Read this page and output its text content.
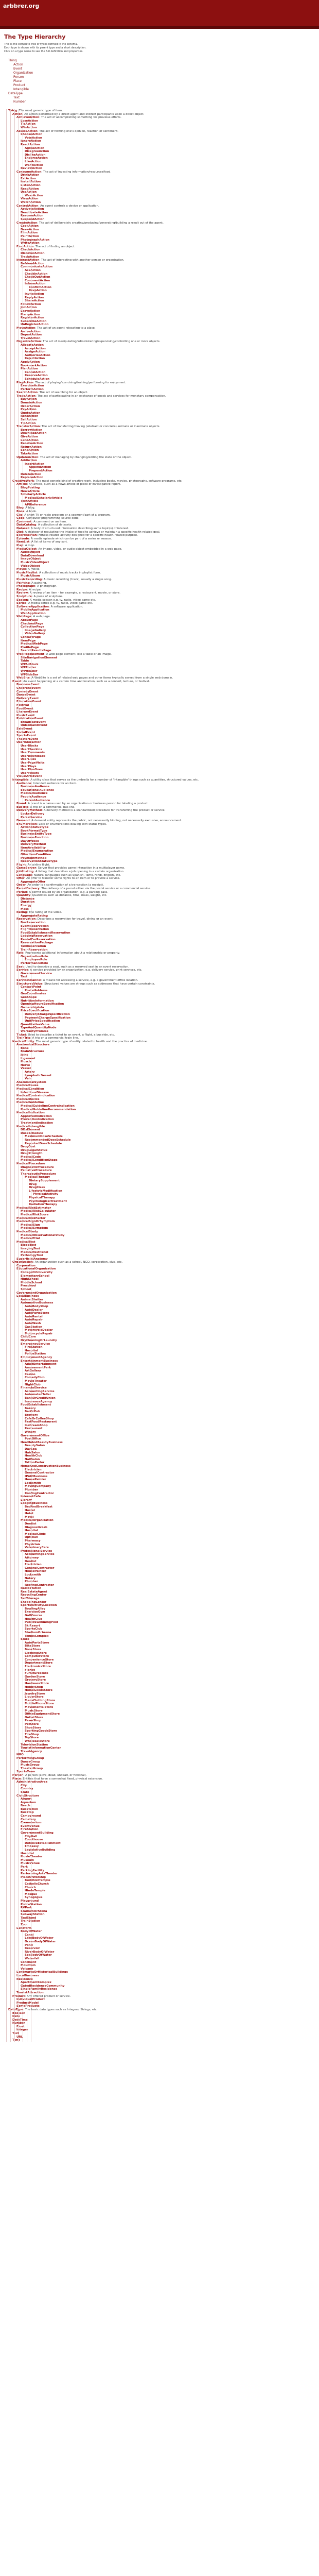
arbbrer.org
The Type Hierarchy

This is the complete tree of types defined in the schema.

Each type is shown with its parent type and a short description.

Click on a type name to see the full definition and properties.

Thing
Action
Event
Organization
Person
Place
Product
Intangible
DataType
Text
Number
Thing: The most generic type of item.
Action: An action performed by a direct agent and indirect participants upon a direct object.
AchieveAction: The act of accomplishing something via previous efforts.
LoseAction
TieAction
WinAction
AssessAction: The act of forming one's opinion, reaction or sentiment.
ChooseAction
VoteAction
IgnoreAction
ReactAction
AgreeAction
DisagreeAction
DislikeAction
EndorseAction
LikeAction
WantAction
ReviewAction
ConsumeAction: The act of ingesting information/resources/food.
DrinkAction
EatAction
InstallAction
ListenAction
ReadAction
UseAction
WearAction
ViewAction
WatchAction
ControlAction: An agent controls a device or application.
ActivateAction
DeactivateAction
ResumeAction
SuspendAction
CreateAction: The act of deliberately creating/producing/generating/building a result out of the agent.
CookAction
DrawAction
FilmAction
PaintAction
PhotographAction
WriteAction
FindAction: The act of finding an object.
CheckAction
DiscoverAction
TrackAction
InteractAction: The act of interacting with another person or organization.
BefriendAction
CommunicateAction
AskAction
CheckInAction
CheckOutAction
CommentAction
InformAction
ConfirmAction
RsvpAction
InviteAction
ReplyAction
ShareAction
FollowAction
JoinAction
LeaveAction
MarryAction
RegisterAction
SubscribeAction
UnRegisterAction
MoveAction: The act of an agent relocating to a place.
ArriveAction
DepartAction
TravelAction
OrganizeAction: The act of manipulating/administering/supervising/controlling one or more objects.
AllocateAction
AcceptAction
AssignAction
AuthorizeAction
RejectAction
ApplyAction
BookmarkAction
PlanAction
CancelAction
ReserveAction
ScheduleAction
PlayAction: The act of playing/exercising/training/performing for enjoyment.
ExerciseAction
PerformAction
SearchAction: The act of searching for an object.
TradeAction: The act of participating in an exchange of goods and services for monetary compensation.
BuyAction
DonateAction
OrderAction
PayAction
QuoteAction
RentAction
SellAction
TipAction
TransferAction: The act of transferring/moving (abstract or concrete) animate or inanimate objects.
BorrowAction
DownloadAction
GiveAction
LendAction
ReceiveAction
ReturnAction
SendAction
TakeAction
UpdateAction: The act of managing by changing/editing the state of the object.
AddAction
InsertAction
AppendAction
PrependAction
DeleteAction
ReplaceAction
CreativeWork: The most generic kind of creative work, including books, movies, photographs, software programs, etc.
Article: An article, such as a news article or piece of investigative report.
BlogPosting
NewsArticle
ScholarlyArticle
MedicalScholarlyArticle
TechArticle
APIReference
Blog: A blog.
Book: A book.
Clip: A short TV or radio program or a segment/part of a program.
Code: Computer programming source code.
Comment: A comment on an item.
DataCatalog: A collection of datasets.
Dataset: A body of structured information describing some topic(s) of interest.
Diet: A strategy of regulating the intake of food to achieve or maintain a specific health-related goal.
ExercisePlan: Fitness-related activity designed for a specific health-related purpose.
Episode: A media episode which can be part of a series or season.
ItemList: A list of items of any sort.
Map: A map.
MediaObject: An image, video, or audio object embedded in a web page.
AudioObject
DataDownload
ImageObject
MusicVideoObject
VideoObject
Movie: A movie.
MusicPlaylist: A collection of music tracks in playlist form.
MusicAlbum
MusicRecording: A music recording (track), usually a single song.
Painting: A painting.
Photograph: A photograph.
Recipe: A recipe.
Review: A review of an item - for example, a restaurant, movie, or store.
Sculpture: A piece of sculpture.
Season: A media season e.g. tv, radio, video game etc.
Series: A media series e.g. tv, radio, video game etc.
SoftwareApplication: A software application.
MobileApplication
WebApplication
WebPage: A web page.
AboutPage
CheckoutPage
CollectionPage
ImageGallery
VideoGallery
ContactPage
ItemPage
MedicalWebPage
ProfilePage
SearchResultsPage
WebPageElement: A web page element, like a table or an image.
SiteNavigationElement
Table
WPAdBlock
WPFooter
WPHeader
WPSideBar
WebSite: A WebSite is a set of related web pages and other items typically served from a single web domain.
Event: An event happening at a certain time and location, such as a concert, lecture, or festival.
BusinessEvent
ChildrensEvent
ComedyEvent
DanceEvent
DeliveryEvent
EducationEvent
Festival
FoodEvent
LiteraryEvent
MusicEvent
PublicationEvent
BroadcastEvent
OnDemandEvent
SaleEvent
SocialEvent
SportsEvent
TheaterEvent
UserInteraction
UserBlocks
UserCheckins
UserComments
UserDownloads
UserLikes
UserPageVisits
UserPlays
UserPlusOnes
UserTweets
VisualArtsEvent
Intangible: A utility class that serves as the umbrella for a number of 'intangible' things such as quantities, structured values, etc.
Audience: Intended audience for an item.
BusinessAudience
EducationalAudience
MedicalAudience
PeopleAudience
ParentAudience
Brand: A brand is a name used by an organization or business person for labeling a product.
BusTrip: A trip on a commercial bus line.
DeliveryMethod: A delivery method is a standardized procedure for transferring the product or service.
LockerDelivery
ParcelService
Demand: A demand entity represents the public, not necessarily binding, not necessarily exclusive, announcement.
Enumeration: Lists or enumerations dealing with status types.
ActionStatusType
BookFormatType
BusinessEntityType
BusinessFunction
DayOfWeek
DeliveryMethod
ItemAvailability
MedicalEnumeration
OfferItemCondition
PaymentMethod
ReservationStatusType
Flight: An airline flight.
GameServer: Server that provides game interaction in a multiplayer game.
JobPosting: A listing that describes a job opening in a certain organization.
Language: Natural languages such as Spanish, Tamil, Hindi, English, etc.
Offer: An offer to transfer some rights to an item or to provide a service.
AggregateOffer
Order: An order is a confirmation of a transaction (a receipt).
ParcelDelivery: The delivery of a parcel either via the postal service or a commercial service.
Permit: A permit issued by an organization, e.g. a parking pass.
Quantity: Quantities such as distance, time, mass, weight, etc.
Distance
Duration
Energy
Mass
Rating: The rating of the video.
AggregateRating
Reservation: Describes a reservation for travel, dining or an event.
BusReservation
EventReservation
FlightReservation
FoodEstablishmentReservation
LodgingReservation
RentalCarReservation
ReservationPackage
TaxiReservation
TrainReservation
Role: Represents additional information about a relationship or property.
OrganizationRole
EmployeeRole
PerformanceRole
Seat: Used to describe a seat, such as a reserved seat in an event reservation.
Service: A service provided by an organization, e.g. delivery service, print services, etc.
GovernmentService
Taxi
ServiceChannel: A means for accessing a service, e.g. a government office location.
StructuredValue: Structured values are strings such as addresses that have certain constraints.
ContactPoint
PostalAddress
GeoCoordinates
GeoShape
NutritionInformation
OpeningHoursSpecification
OwnershipInfo
PriceSpecification
DeliveryChargeSpecification
PaymentChargeSpecification
UnitPriceSpecification
QuantitativeValue
TypeAndQuantityNode
WarrantyPromise
Ticket: Used to describe a ticket to an event, a flight, a bus ride, etc.
TrainTrip: A trip on a commercial train line.
MedicalEntity: The most generic type of entity related to health and the practice of medicine.
AnatomicalStructure
Bone
BrainStructure
Joint
Ligament
Muscle
Nerve
Vessel
Artery
LymphaticVessel
Vein
AnatomicalSystem
MedicalCause
MedicalCondition
InfectiousDisease
MedicalContraindication
MedicalDevice
MedicalGuideline
MedicalGuidelineContraindication
MedicalGuidelineRecommendation
MedicalIndication
ApprovedIndication
PreventionIndication
TreatmentIndication
MedicalIntangible
DDxElement
DoseSchedule
MaximumDoseSchedule
RecommendedDoseSchedule
ReportedDoseSchedule
DrugCost
DrugLegalStatus
DrugStrength
MedicalCode
MedicalConditionStage
MedicalProcedure
DiagnosticProcedure
PalliativeProcedure
TherapeuticProcedure
MedicalTherapy
DietarySupplement
Drug
DrugClass
LifestyleModification
PhysicalActivity
PhysicalTherapy
PsychologicalTreatment
RadiationTherapy
MedicalRiskEstimator
MedicalRiskCalculator
MedicalRiskScore
MedicalRiskFactor
MedicalSignOrSymptom
MedicalSign
MedicalSymptom
MedicalStudy
MedicalObservationalStudy
MedicalTrial
MedicalTest
BloodTest
ImagingTest
MedicalTestPanel
PathologyTest
SuperficialAnatomy
Organization: An organization such as a school, NGO, corporation, club, etc.
Corporation
EducationalOrganization
CollegeOrUniversity
ElementarySchool
HighSchool
MiddleSchool
Preschool
School
GovernmentOrganization
LocalBusiness
AnimalShelter
AutomotiveBusiness
AutoBodyShop
AutoDealer
AutoPartsStore
AutoRental
AutoRepair
AutoWash
GasStation
MotorcycleDealer
MotorcycleRepair
ChildCare
DryCleaningOrLaundry
EmergencyService
FireStation
Hospital
PoliceStation
EmploymentAgency
EntertainmentBusiness
AdultEntertainment
AmusementPark
ArtGallery
Casino
ComedyClub
MovieTheater
NightClub
FinancialService
AccountingService
AutomatedTeller
BankOrCreditUnion
InsuranceAgency
FoodEstablishment
Bakery
BarOrPub
Brewery
CafeOrCoffeeShop
FastFoodRestaurant
IceCreamShop
Restaurant
Winery
GovernmentOffice
PostOffice
HealthAndBeautyBusiness
BeautySalon
DaySpa
HairSalon
HealthClub
NailSalon
TattooParlor
HomeAndConstructionBusiness
Electrician
GeneralContractor
HVACBusiness
HousePainter
Locksmith
MovingCompany
Plumber
RoofingContractor
InternetCafe
Library
LodgingBusiness
BedAndBreakfast
Hostel
Hotel
Motel
MedicalOrganization
Dentist
DiagnosticLab
Hospital
MedicalClinic
Optician
Pharmacy
Physician
VeterinaryCare
ProfessionalService
AccountingService
Attorney
Dentist
Electrician
GeneralContractor
HousePainter
Locksmith
Notary
Plumber
RoofingContractor
RadioStation
RealEstateAgent
RecyclingCenter
SelfStorage
ShoppingCenter
SportsActivityLocation
BowlingAlley
ExerciseGym
GolfCourse
HealthClub
PublicSwimmingPool
SkiResort
SportsClub
StadiumOrArena
TennisComplex
Store
AutoPartsStore
BikeStore
BookStore
ClothingStore
ComputerStore
ConvenienceStore
DepartmentStore
ElectronicsStore
Florist
FurnitureStore
GardenStore
GroceryStore
HardwareStore
HobbyShop
HomeGoodsStore
JewelryStore
LiquorStore
MensClothingStore
MobilePhoneStore
MovieRentalStore
MusicStore
OfficeEquipmentStore
OutletStore
PawnShop
PetStore
ShoeStore
SportingGoodsStore
TireShop
ToyStore
WholesaleStore
TelevisionStation
TouristInformationCenter
TravelAgency
NGO
PerformingGroup
DanceGroup
MusicGroup
TheaterGroup
SportsTeam
Person: A person (alive, dead, undead, or fictional).
Place: Entities that have a somewhat fixed, physical extension.
AdministrativeArea
City
Country
State
CivicStructure
Airport
Aquarium
Beach
BusStation
BusStop
Campground
Cemetery
Crematorium
EventVenue
FireStation
GovernmentBuilding
CityHall
Courthouse
DefenceEstablishment
Embassy
LegislativeBuilding
Hospital
MovieTheater
Museum
MusicVenue
Park
ParkingFacility
PerformingArtsTheater
PlaceOfWorship
BuddhistTemple
CatholicChurch
Church
HinduTemple
Mosque
Synagogue
Playground
PoliceStation
RVPark
StadiumOrArena
SubwayStation
TaxiStand
TrainStation
Zoo
Landform
BodyOfWater
Canal
LakeBodyOfWater
OceanBodyOfWater
Pond
Reservoir
RiverBodyOfWater
SeaBodyOfWater
Waterfall
Continent
Mountain
Volcano
LandmarksOrHistoricalBuildings
LocalBusiness
Residence
ApartmentComplex
GatedResidenceCommunity
SingleFamilyResidence
TouristAttraction
Product: Any offered product or service.
IndividualProduct
ProductModel
SomeProducts
DataType: The basic data types such as Integers, Strings, etc.
Boolean
Date
DateTime
Number
Float
Integer
Text
URL
Time
